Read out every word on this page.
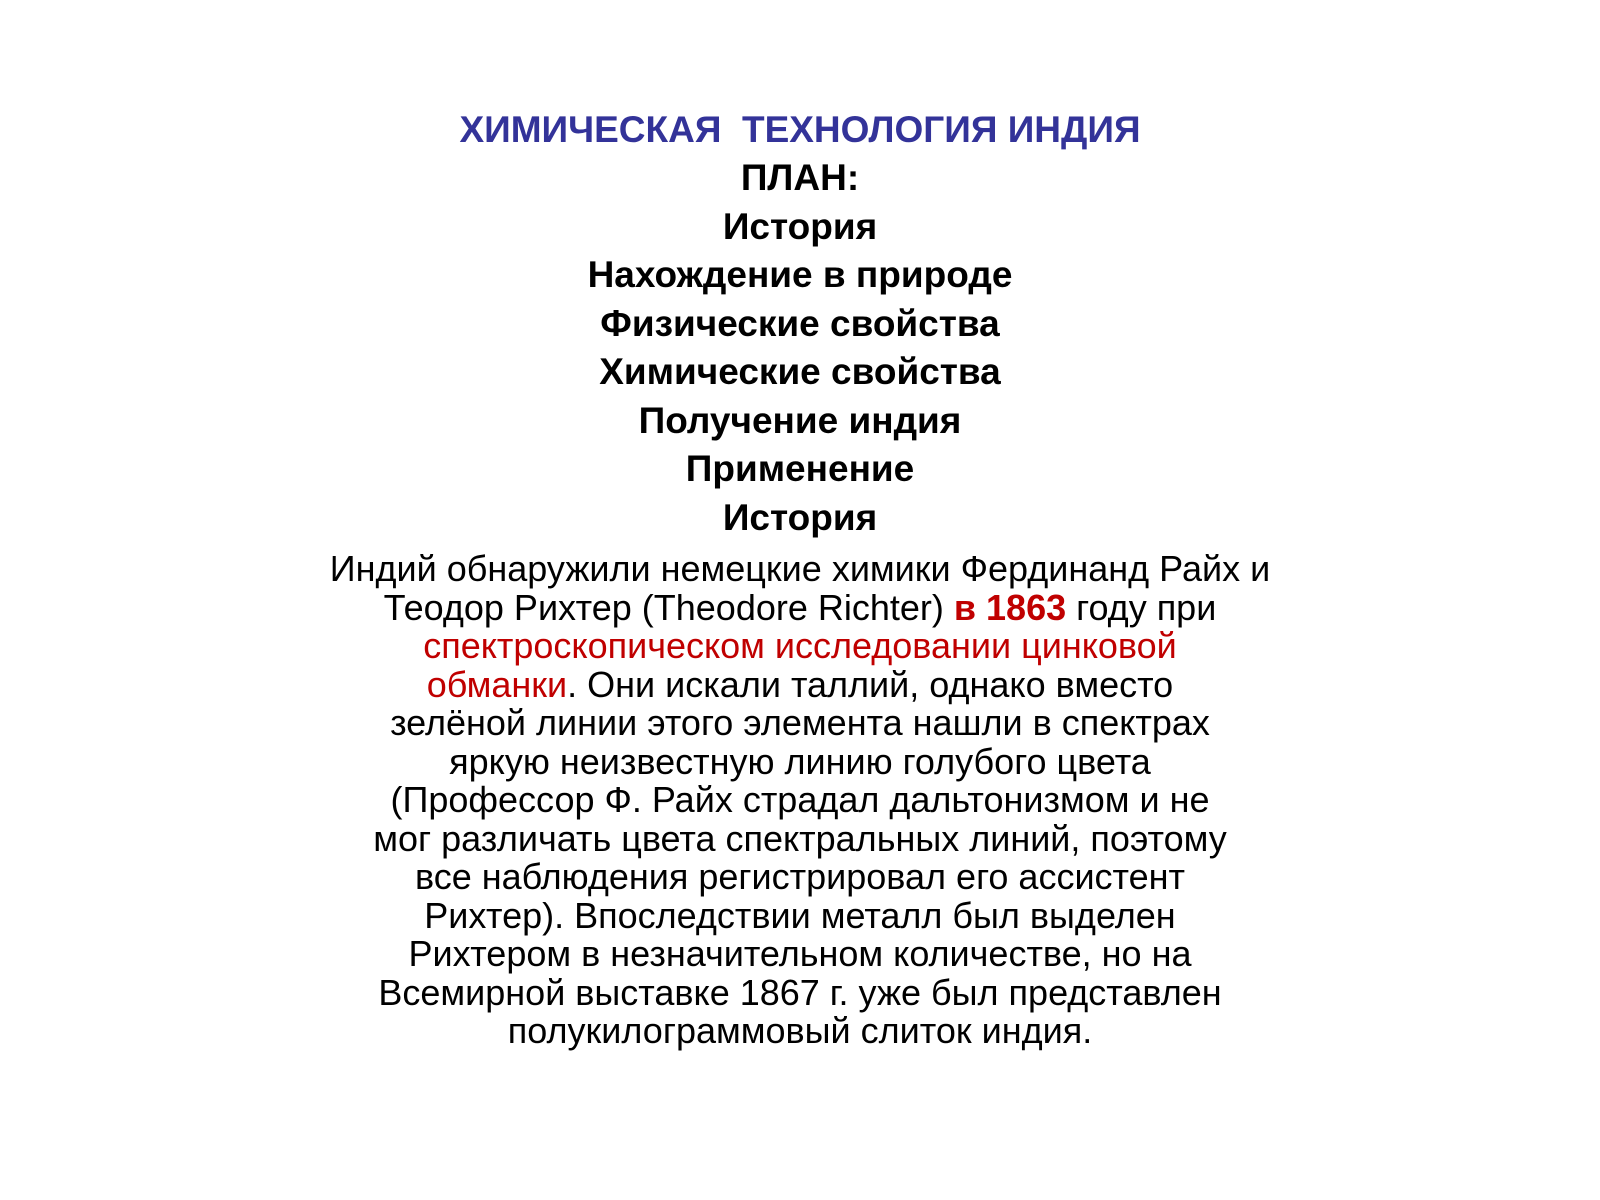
ХИМИЧЕСКАЯ  ТЕХНОЛОГИЯ ИНДИЯ
ПЛАН:
История
Нахождение в природе
Физические свойства
Химические свойства
Получение индия
Применение
История
Индий обнаружили немецкие химики Фердинанд Райх и
Теодор Рихтер (Theodore Richter) в 1863 году при
спектроскопическом исследовании цинковой
обманки. Они искали таллий, однако вместо
зелёной линии этого элемента нашли в спектрах
яркую неизвестную линию голубого цвета
(Профессор Ф. Райх страдал дальтонизмом и не
мог различать цвета спектральных линий, поэтому
все наблюдения регистрировал его ассистент
Рихтер). Впоследствии металл был выделен
Рихтером в незначительном количестве, но на
Всемирной выставке 1867 г. уже был представлен
полукилограммовый слиток индия.
